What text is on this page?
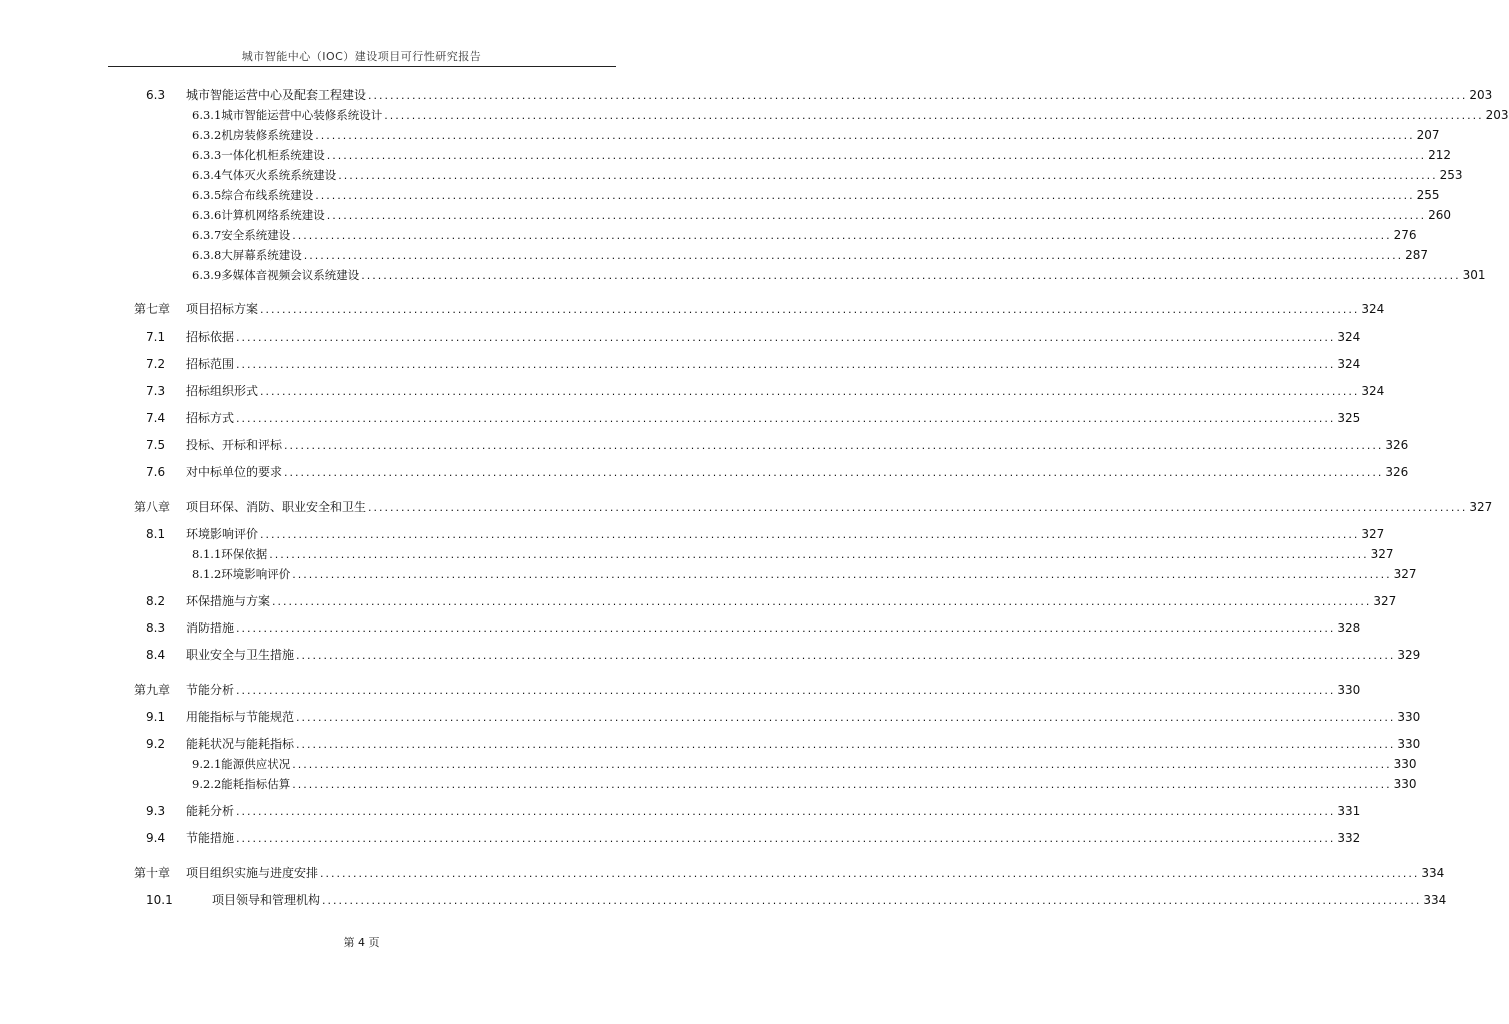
城市智能中心（IOC）建设项目可行性研究报告
6.3 城市智能运营中心及配套工程建设 ........................................................................................................................................................................................................ 203
6.3.1城市智能运营中心装修系统设计 ........................................................................................................................................................................................................ 203
6.3.2机房装修系统建设 ........................................................................................................................................................................................................ 207
6.3.3一体化机柜系统建设 ........................................................................................................................................................................................................ 212
6.3.4气体灭火系统系统建设 ........................................................................................................................................................................................................ 253
6.3.5综合布线系统建设 ........................................................................................................................................................................................................ 255
6.3.6计算机网络系统建设 ........................................................................................................................................................................................................ 260
6.3.7安全系统建设 ........................................................................................................................................................................................................ 276
6.3.8大屏幕系统建设 ........................................................................................................................................................................................................ 287
6.3.9多媒体音视频会议系统建设 ........................................................................................................................................................................................................ 301
第七章 项目招标方案 ........................................................................................................................................................................................................ 324
7.1 招标依据 ........................................................................................................................................................................................................ 324
7.2 招标范围 ........................................................................................................................................................................................................ 324
7.3 招标组织形式 ........................................................................................................................................................................................................ 324
7.4 招标方式 ........................................................................................................................................................................................................ 325
7.5 投标、开标和评标 ........................................................................................................................................................................................................ 326
7.6 对中标单位的要求 ........................................................................................................................................................................................................ 326
第八章 项目环保、消防、职业安全和卫生 ........................................................................................................................................................................................................ 327
8.1 环境影响评价 ........................................................................................................................................................................................................ 327
8.1.1环保依据 ........................................................................................................................................................................................................ 327
8.1.2环境影响评价 ........................................................................................................................................................................................................ 327
8.2 环保措施与方案 ........................................................................................................................................................................................................ 327
8.3 消防措施 ........................................................................................................................................................................................................ 328
8.4 职业安全与卫生措施 ........................................................................................................................................................................................................ 329
第九章 节能分析 ........................................................................................................................................................................................................ 330
9.1 用能指标与节能规范 ........................................................................................................................................................................................................ 330
9.2 能耗状况与能耗指标 ........................................................................................................................................................................................................ 330
9.2.1能源供应状况 ........................................................................................................................................................................................................ 330
9.2.2能耗指标估算 ........................................................................................................................................................................................................ 330
9.3 能耗分析 ........................................................................................................................................................................................................ 331
9.4 节能措施 ........................................................................................................................................................................................................ 332
第十章 项目组织实施与进度安排 ........................................................................................................................................................................................................ 334
10.1	项目领导和管理机构 ........................................................................................................................................................................................................ 334
第 4 页
